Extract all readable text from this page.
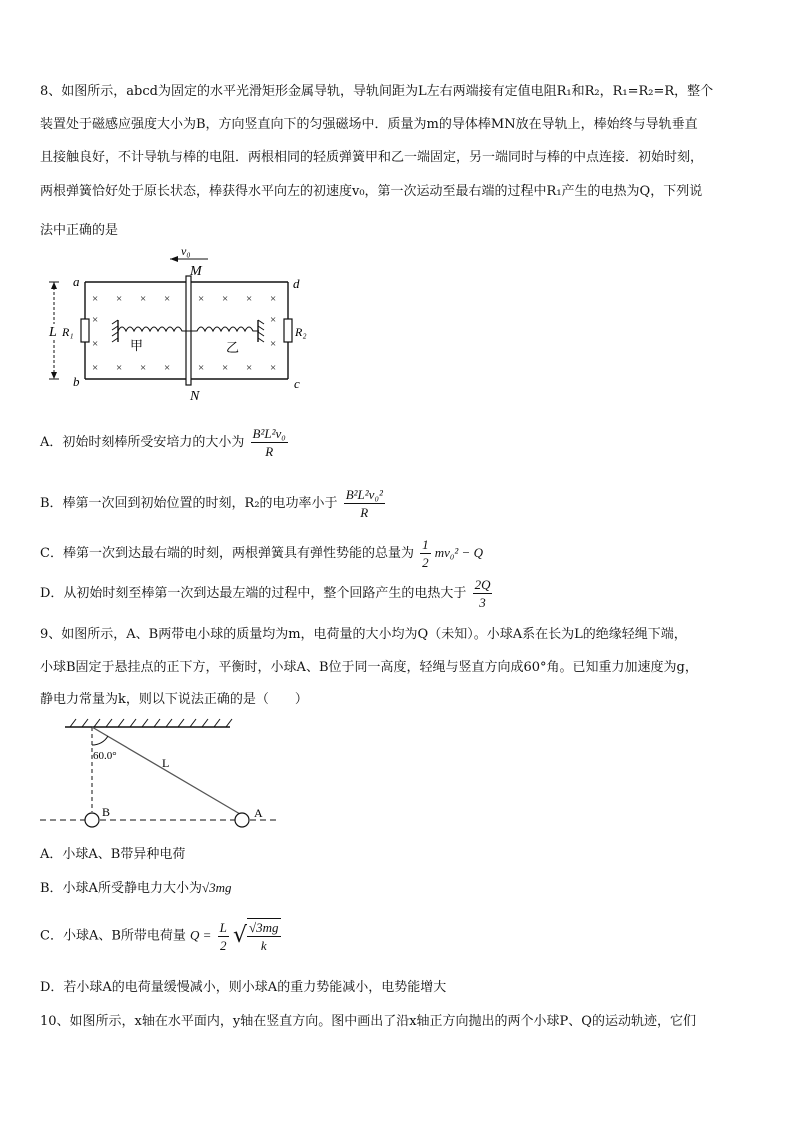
8、如图所示，abcd为固定的水平光滑矩形金属导轨，导轨间距为L左右两端接有定值电阻R₁和R₂，R₁=R₂=R，整个
装置处于磁感应强度大小为B，方向竖直向下的匀强磁场中．质量为m的导体棒MN放在导轨上，棒始终与导轨垂直
且接触良好，不计导轨与棒的电阻．两根相同的轻质弹簧甲和乙一端固定，另一端同时与棒的中点连接．初始时刻，
两根弹簧恰好处于原长状态，棒获得水平向左的初速度v₀，第一次运动至最右端的过程中R₁产生的电热为Q，下列说
法中正确的是
v₀
R₁	R₂
a
b	c
d
L
M
N
× × × ×	× × × ×
×	×
×	×
× × × ×	× × × ×
甲	乙
A．初始时刻棒所受安培力的大小为 $\frac{\text{B²L²v₀}}{R}$
B．棒第一次回到初始位置的时刻，R₂的电功率小于 $\frac{\text{B²L²v₀²}}{R}$
C．棒第一次到达最右端的时刻，两根弹簧具有弹性势能的总量为 $\frac{1}{2} mv_0^2 - Q$
D．从初始时刻至棒第一次到达最左端的过程中，整个回路产生的电热大于 $\frac{2Q}{3}$
9、如图所示，A、B两带电小球的质量均为m，电荷量的大小均为Q（未知）。小球A系在长为L的绝缘轻绳下端，
小球B固定于悬挂点的正下方，平衡时，小球A、B位于同一高度，轻绳与竖直方向成60°角。已知重力加速度为g，
静电力常量为k，则以下说法正确的是（　　）
60.0°	L
B	A
A．小球A、B带异种电荷
B．小球A所受静电力大小为√3mg
C．小球A、B所带电荷量 $Q = \frac{L}{2}$ √ $\frac{√3mg}{k}$
D．若小球A的电荷量缓慢减小，则小球A的重力势能减小，电势能增大
10、如图所示，x轴在水平面内，y轴在竖直方向。图中画出了沿x轴正方向抛出的两个小球P、Q的运动轨迹，它们
